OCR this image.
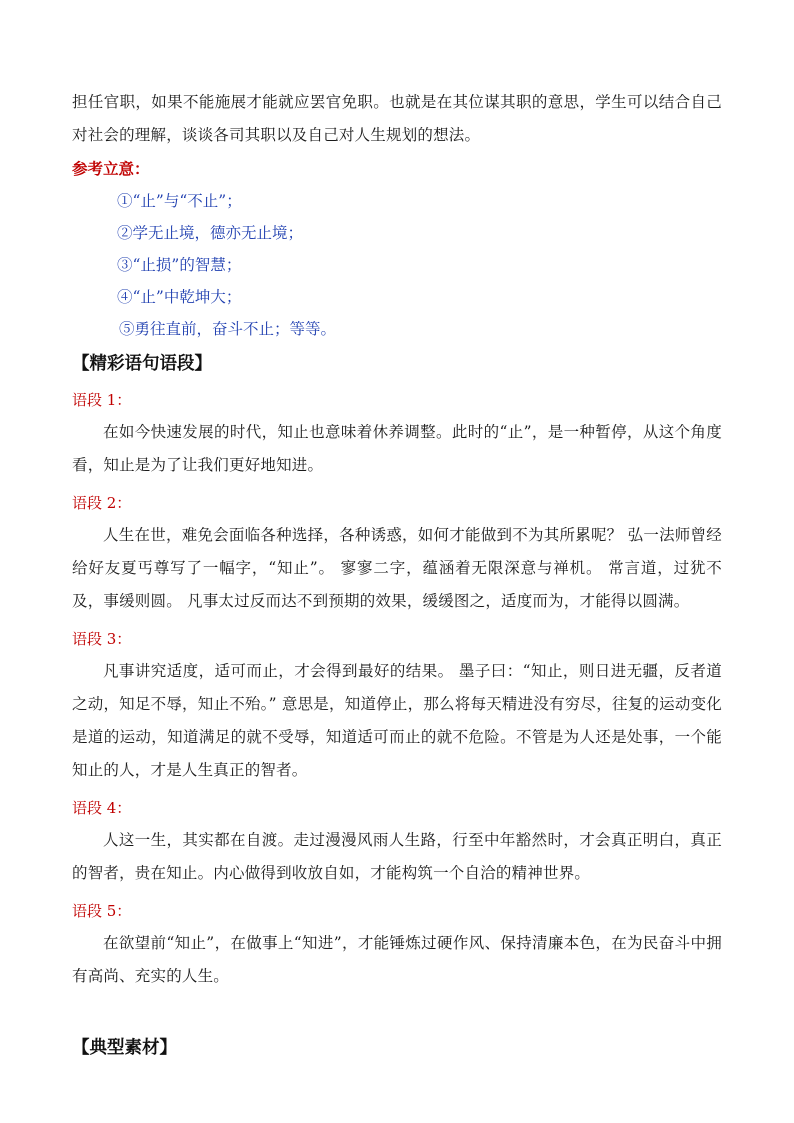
担任官职，如果不能施展才能就应罢官免职。也就是在其位谋其职的意思，学生可以结合自己对社会的理解，谈谈各司其职以及自己对人生规划的想法。

参考立意：

①“止”与“不止”；

②学无止境，德亦无止境；

③“止损”的智慧；

④“止”中乾坤大；

⑤勇往直前，奋斗不止；等等。

【精彩语句语段】

语段 1：

在如今快速发展的时代，知止也意味着休养调整。此时的“止”，是一种暂停，从这个角度看，知止是为了让我们更好地知进。

语段 2：

人生在世，难免会面临各种选择，各种诱惑，如何才能做到不为其所累呢？ 弘一法师曾经给好友夏丐尊写了一幅字，“知止”。 寥寥二字，蕴涵着无限深意与禅机。 常言道，过犹不及，事缓则圆。 凡事太过反而达不到预期的效果，缓缓图之，适度而为，才能得以圆满。

语段 3：

凡事讲究适度，适可而止，才会得到最好的结果。 墨子曰：“知止，则日进无疆，反者道之动，知足不辱，知止不殆。” 意思是，知道停止，那么将每天精进没有穷尽，往复的运动变化是道的运动，知道满足的就不受辱，知道适可而止的就不危险。不管是为人还是处事，一个能知止的人，才是人生真正的智者。

语段 4：

人这一生，其实都在自渡。走过漫漫风雨人生路，行至中年豁然时，才会真正明白，真正的智者，贵在知止。内心做得到收放自如，才能构筑一个自洽的精神世界。

语段 5：

在欲望前“知止”，在做事上“知进”，才能锤炼过硬作风、保持清廉本色，在为民奋斗中拥有高尚、充实的人生。

【典型素材】
